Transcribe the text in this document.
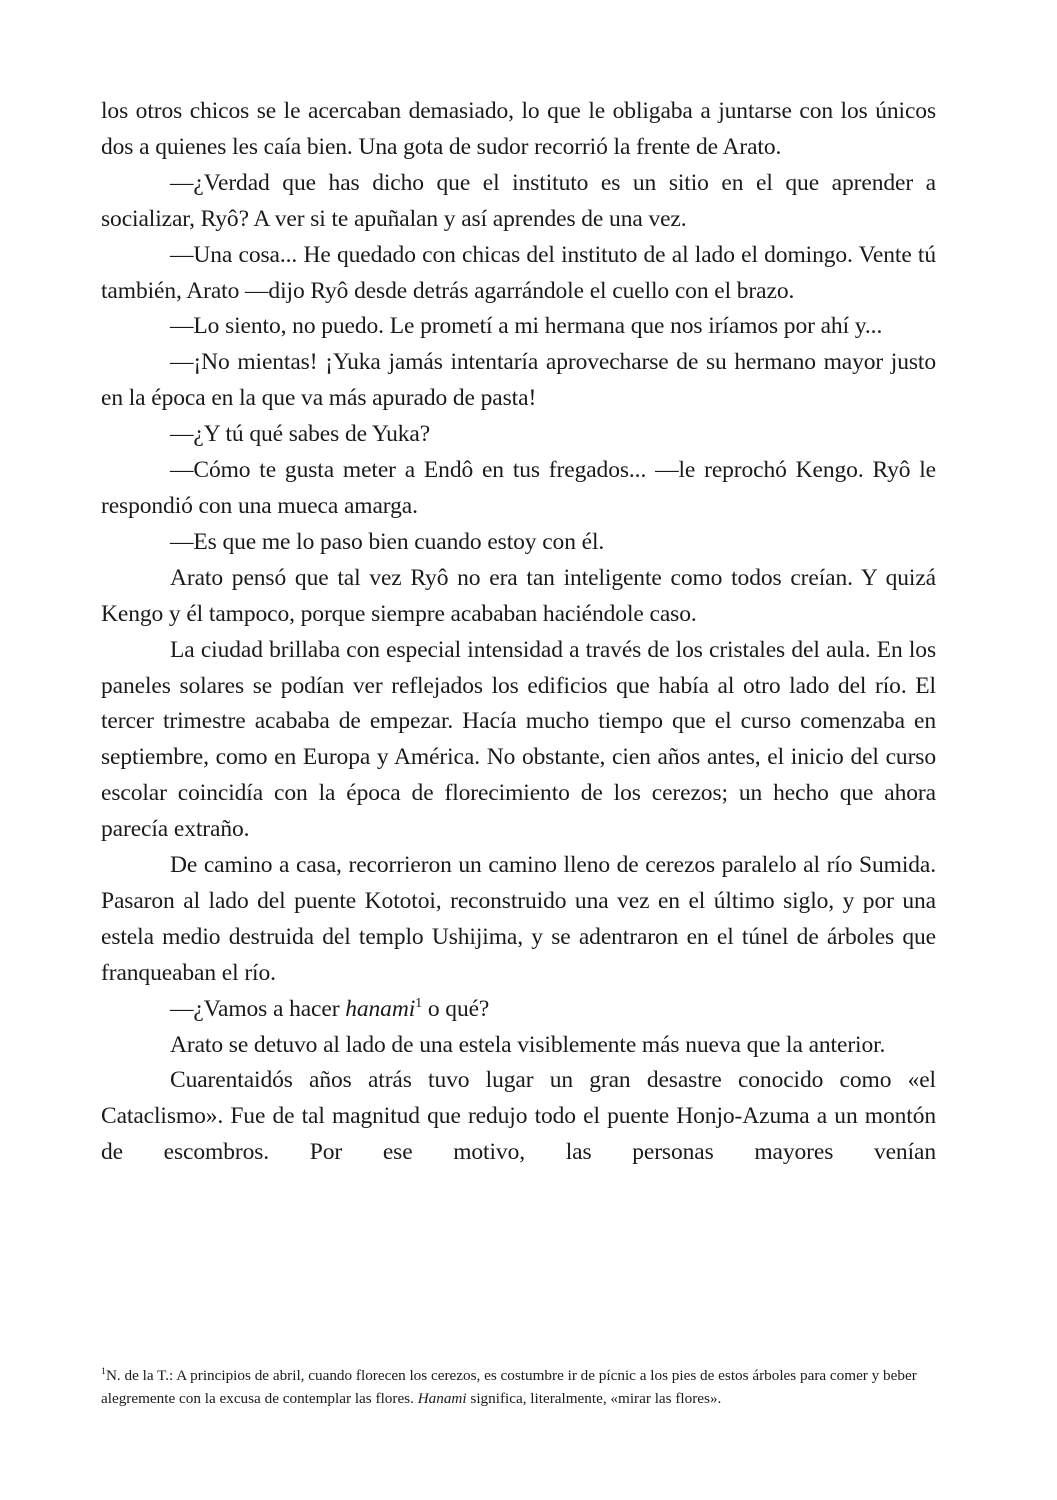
los otros chicos se le acercaban demasiado, lo que le obligaba a juntarse con los únicos dos a quienes les caía bien. Una gota de sudor recorrió la frente de Arato.

—¿Verdad que has dicho que el instituto es un sitio en el que aprender a socializar, Ryô? A ver si te apuñalan y así aprendes de una vez.

—Una cosa... He quedado con chicas del instituto de al lado el domingo. Vente tú también, Arato —dijo Ryô desde detrás agarrándole el cuello con el brazo.

—Lo siento, no puedo. Le prometí a mi hermana que nos iríamos por ahí y...

—¡No mientas! ¡Yuka jamás intentaría aprovecharse de su hermano mayor justo en la época en la que va más apurado de pasta!

—¿Y tú qué sabes de Yuka?

—Cómo te gusta meter a Endô en tus fregados... —le reprochó Kengo. Ryô le respondió con una mueca amarga.

—Es que me lo paso bien cuando estoy con él.

Arato pensó que tal vez Ryô no era tan inteligente como todos creían. Y quizá Kengo y él tampoco, porque siempre acababan haciéndole caso.

La ciudad brillaba con especial intensidad a través de los cristales del aula. En los paneles solares se podían ver reflejados los edificios que había al otro lado del río. El tercer trimestre acababa de empezar. Hacía mucho tiempo que el curso comenzaba en septiembre, como en Europa y América. No obstante, cien años antes, el inicio del curso escolar coincidía con la época de florecimiento de los cerezos; un hecho que ahora parecía extraño.

De camino a casa, recorrieron un camino lleno de cerezos paralelo al río Sumida. Pasaron al lado del puente Kototoi, reconstruido una vez en el último siglo, y por una estela medio destruida del templo Ushijima, y se adentraron en el túnel de árboles que franqueaban el río.

—¿Vamos a hacer hanami$^1$ o qué?

Arato se detuvo al lado de una estela visiblemente más nueva que la anterior.

Cuarentaidós años atrás tuvo lugar un gran desastre conocido como «el Cataclismo». Fue de tal magnitud que redujo todo el puente Honjo-Azuma a un montón de escombros. Por ese motivo, las personas mayores venían

$^1$N. de la T.: A principios de abril, cuando florecen los cerezos, es costumbre ir de pícnic a los pies de estos árboles para comer y beber alegremente con la excusa de contemplar las flores. Hanami significa, literalmente, «mirar las flores».
